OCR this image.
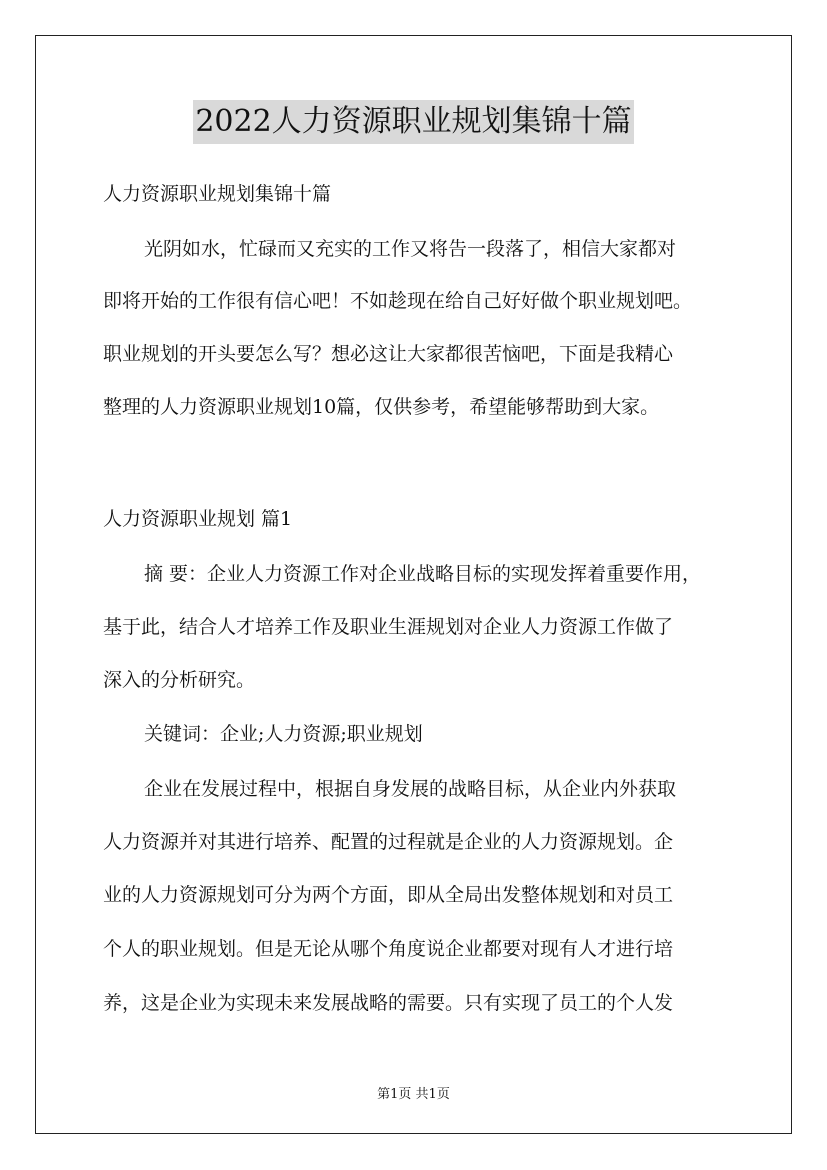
2022人力资源职业规划集锦十篇
人力资源职业规划集锦十篇
光阴如水，忙碌而又充实的工作又将告一段落了，相信大家都对
即将开始的工作很有信心吧！不如趁现在给自己好好做个职业规划吧。
职业规划的开头要怎么写？想必这让大家都很苦恼吧，下面是我精心
整理的人力资源职业规划10篇，仅供参考，希望能够帮助到大家。
人力资源职业规划 篇1
摘 要：企业人力资源工作对企业战略目标的实现发挥着重要作用，
基于此，结合人才培养工作及职业生涯规划对企业人力资源工作做了
深入的分析研究。
关键词：企业;人力资源;职业规划
企业在发展过程中，根据自身发展的战略目标，从企业内外获取
人力资源并对其进行培养、配置的过程就是企业的人力资源规划。企
业的人力资源规划可分为两个方面，即从全局出发整体规划和对员工
个人的职业规划。但是无论从哪个角度说企业都要对现有人才进行培
养，这是企业为实现未来发展战略的需要。只有实现了员工的个人发
第1页 共1页
